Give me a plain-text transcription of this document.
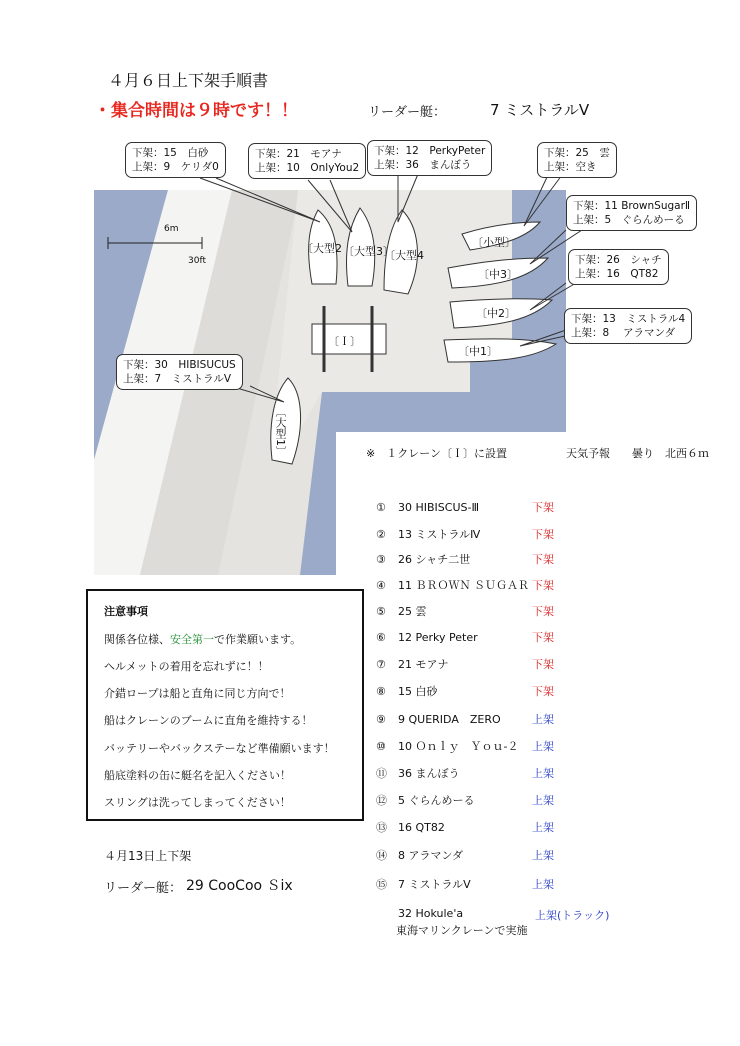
４月６日上下架手順書
・集合時間は９時です！！	リーダー艇：	7 ミストラルⅤ
6m
30ft
〔Ｉ〕
〔大型2 〔大型3〕
〔大型4
〔小型〕
〔中3〕
〔中2〕
〔中1〕
〔大型1〕
下架：15　白砂
上架：9　ケリダ0
下架：21　モアナ
上架：10　OnlyYou2
下架：12　PerkyPeter
上架：36　まんぼう
下架：25　雲
上架：空き
下架：11 BrownSugarⅡ
上架：5　ぐらんめーる
下架：26　シャチ
上架：16　QT82
下架：13　ミストラル4
上架：8　 アラマンダ
下架：30　HIBISUCUS
上架：7　ミストラルⅤ
※　１クレーン〔Ｉ〕に設置	天気予報　　曇り　北西６ｍ
① 30 HIBISCUS-Ⅲ	下架
② 13 ミストラルⅣ	下架
③ 26 シャチ二世	下架
④ 11 ＢＲＯＷＮ ＳＵＧＡＲ 下架
⑤ 25 雲	下架
⑥ 12 Perky Peter	下架
⑦ 21 モアナ	下架
⑧ 15 白砂	下架
⑨9 QUERIDA　ZERO	上架
⑩ 10 Ｏｎｌｙ　Ｙｏｕ-２ 上架
⑪ 36 まんぼう	上架
⑫5 ぐらんめーる	上架
⑬ 16 QT82	上架
⑭8 アラマンダ	上架
⑮7 ミストラルⅤ	上架
32 Hokule'a	上架(トラック)
東海マリンクレーンで実施
注意事項
関係各位様、安全第一で作業願います。
ヘルメットの着用を忘れずに！！
介錯ロープは船と直角に同じ方向で！
船はクレーンのブームに直角を維持する！
バッテリーやバックステーなど準備願います！
船底塗料の缶に艇名を記入ください！
スリングは洗ってしまってください！
４月13日上下架
リーダー艇： 29 CooCoo Ｓix
